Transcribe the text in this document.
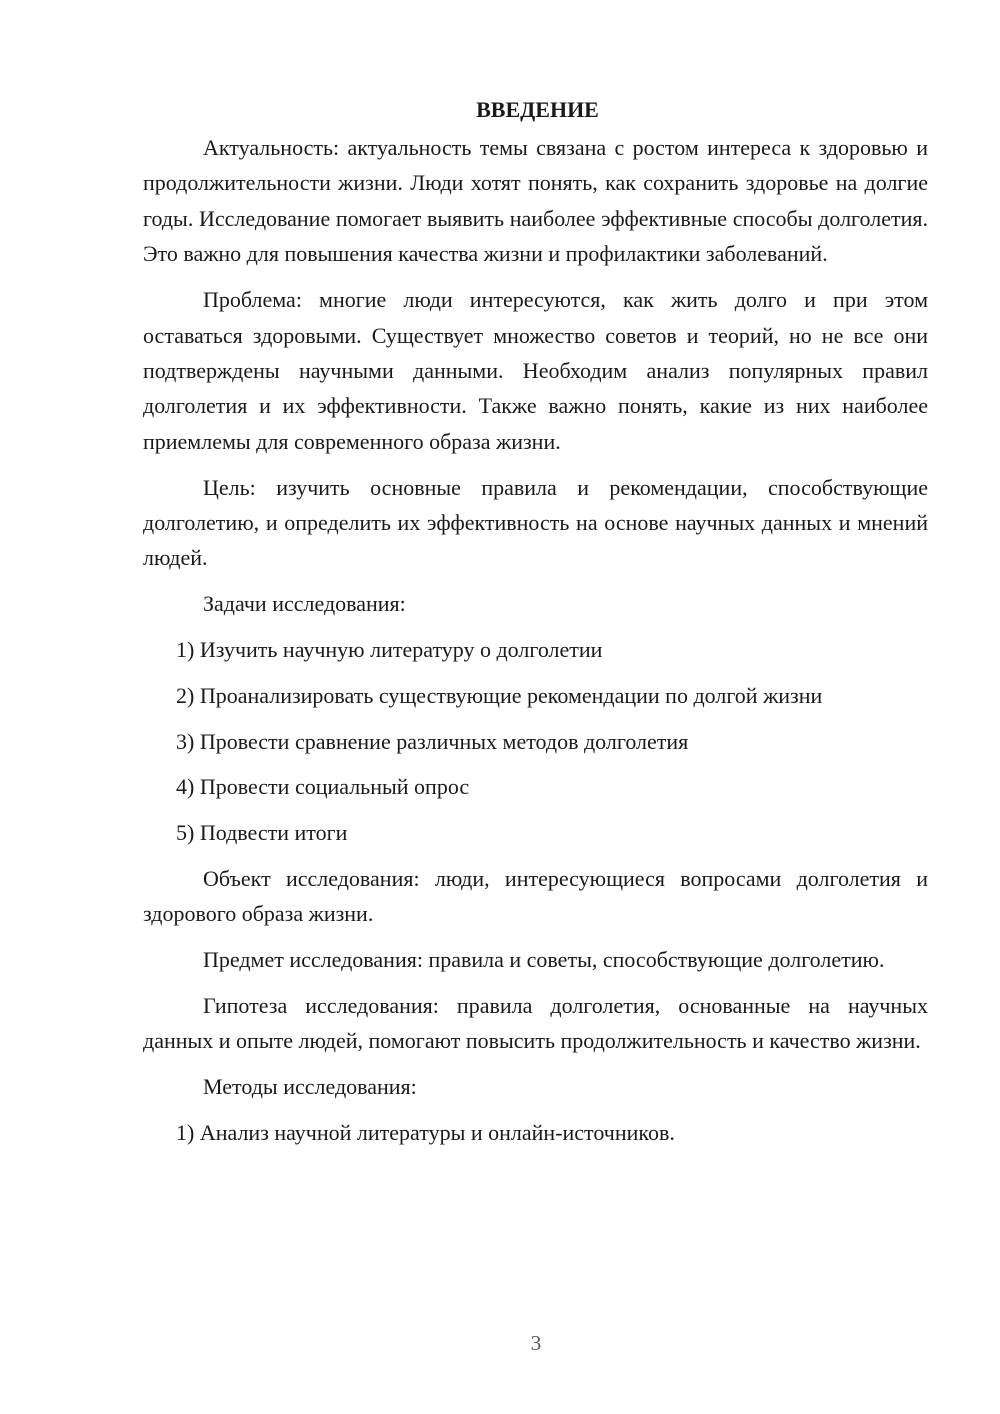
ВВЕДЕНИЕ

Актуальность: актуальность темы связана с ростом интереса к здоровью и продолжительности жизни. Люди хотят понять, как сохранить здоровье на долгие годы. Исследование помогает выявить наиболее эффективные способы долголетия. Это важно для повышения качества жизни и профилактики заболеваний.

Проблема: многие люди интересуются, как жить долго и при этом оставаться здоровыми. Существует множество советов и теорий, но не все они подтверждены научными данными. Необходим анализ популярных правил долголетия и их эффективности. Также важно понять, какие из них наиболее приемлемы для современного образа жизни.

Цель: изучить основные правила и рекомендации, способствующие долголетию, и определить их эффективность на основе научных данных и мнений людей.

Задачи исследования:

1) Изучить научную литературу о долголетии
2) Проанализировать существующие рекомендации по долгой жизни
3) Провести сравнение различных методов долголетия
4) Провести социальный опрос
5) Подвести итоги

Объект исследования: люди, интересующиеся вопросами долголетия и здорового образа жизни.

Предмет исследования: правила и советы, способствующие долголетию.

Гипотеза исследования: правила долголетия, основанные на научных данных и опыте людей, помогают повысить продолжительность и качество жизни.

Методы исследования:

1) Анализ научной литературы и онлайн-источников.
3
